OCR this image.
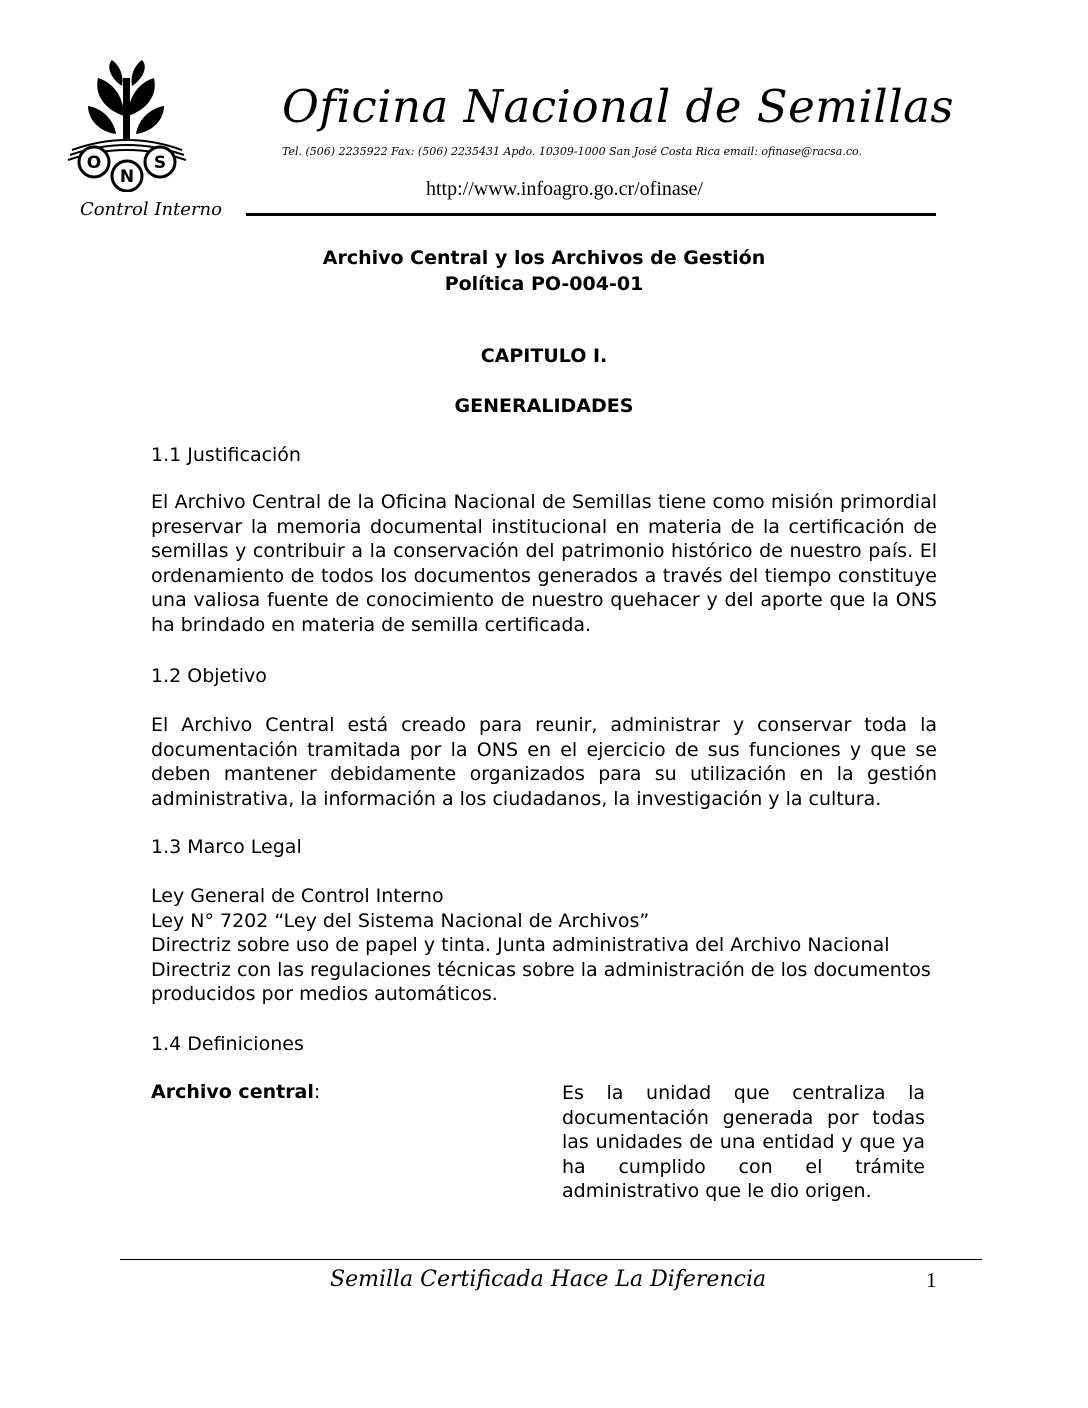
O
N
S
Oficina Nacional de Semillas
Tel. (506) 2235922 Fax: (506) 2235431 Apdo. 10309-1000 San José Costa Rica email: ofinase@racsa.co.
http://www.infoagro.go.cr/ofinase/
Control Interno
Archivo Central y los Archivos de Gestión
Política PO-004-01
CAPITULO I.
GENERALIDADES
1.1 Justificación
El Archivo Central de la Oficina Nacional de Semillas tiene como misión primordial
preservar la memoria documental institucional en materia de la certificación de
semillas y contribuir a la conservación del patrimonio histórico de nuestro país. El
ordenamiento de todos los documentos generados a través del tiempo constituye
una valiosa fuente de conocimiento de nuestro quehacer y del aporte que la ONS
ha brindado en materia de semilla certificada.
1.2 Objetivo
El Archivo Central está creado para reunir, administrar y conservar toda la
documentación tramitada por la ONS en el ejercicio de sus funciones y que se
deben mantener debidamente organizados para su utilización en la gestión
administrativa, la información a los ciudadanos, la investigación y la cultura.
1.3 Marco Legal
Ley General de Control Interno
Ley N° 7202 “Ley del Sistema Nacional de Archivos”
Directriz sobre uso de papel y tinta. Junta administrativa del Archivo Nacional
Directriz con las regulaciones técnicas sobre la administración de los documentos
producidos por medios automáticos.
1.4 Definiciones
Archivo central:	Es la unidad que centraliza la
documentación generada por todas
las unidades de una entidad y que ya
ha cumplido con el trámite
administrativo que le dio origen.
Semilla Certificada Hace La Diferencia	1
